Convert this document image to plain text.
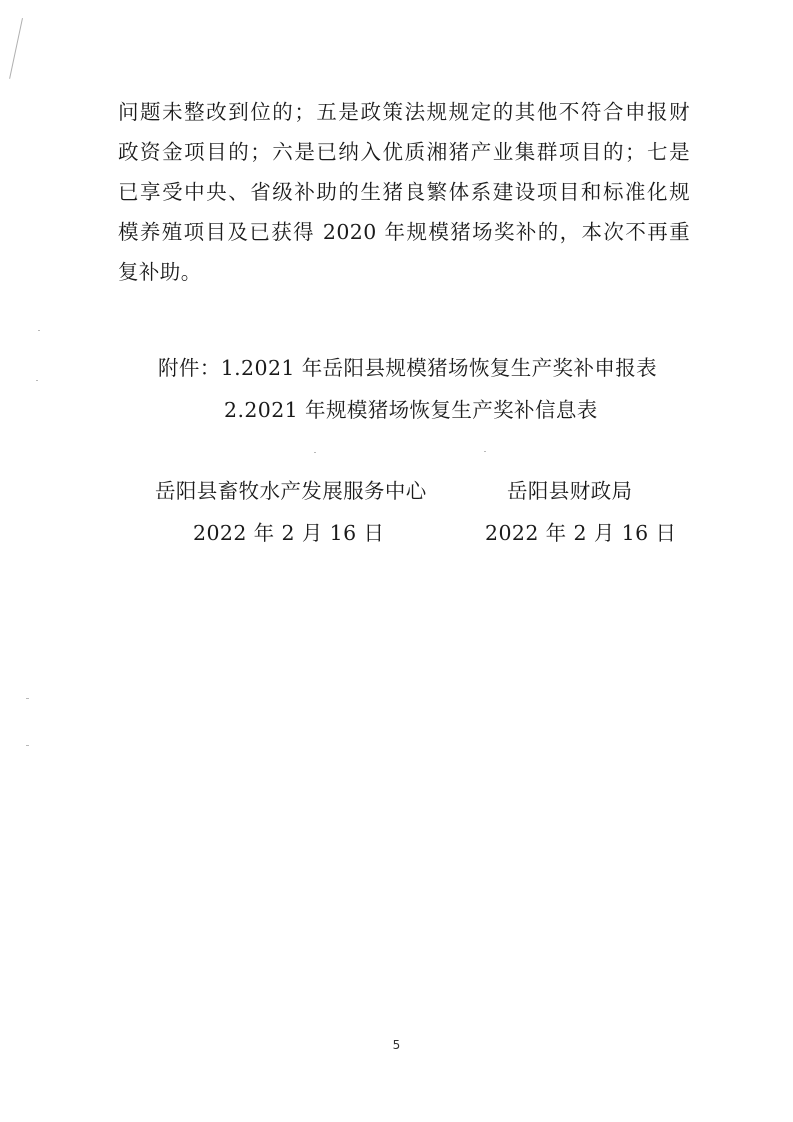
问题未整改到位的；五是政策法规规定的其他不符合申报财
政资金项目的；六是已纳入优质湘猪产业集群项目的；七是
已享受中央、省级补助的生猪良繁体系建设项目和标准化规
模养殖项目及已获得 2020 年规模猪场奖补的，本次不再重
复补助。
附件：1.2021 年岳阳县规模猪场恢复生产奖补申报表
2.2021 年规模猪场恢复生产奖补信息表
岳阳县畜牧水产发展服务中心
2022 年 2 月 16 日
岳阳县财政局
2022 年 2 月 16 日
5
